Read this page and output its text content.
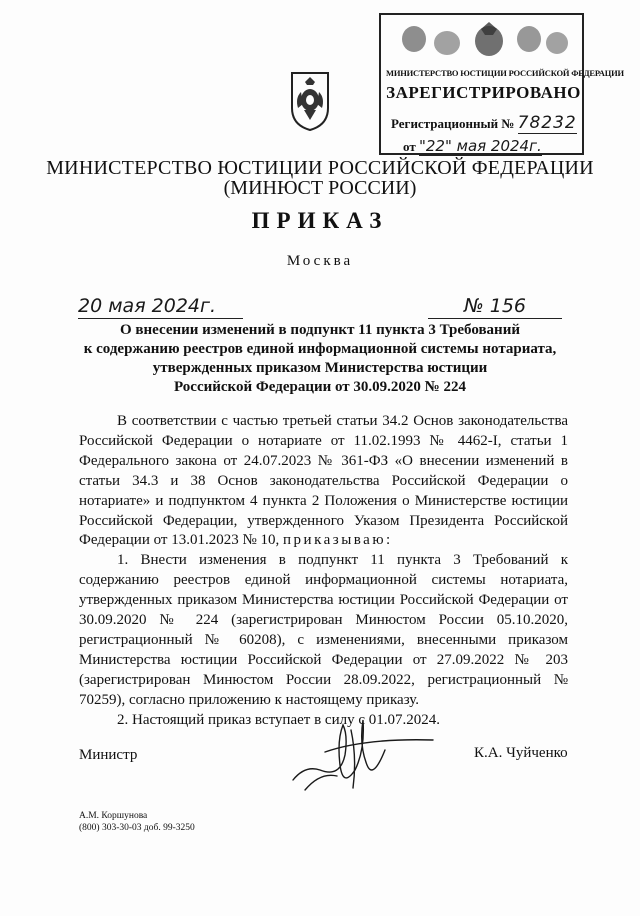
МИНИСТЕРСТВО ЮСТИЦИИ РОССИЙСКОЙ ФЕДЕРАЦИИ
ЗАРЕГИСТРИРОВАНО
Регистрационный № 78232
от "22" мая 2024г.
МИНИСТЕРСТВО ЮСТИЦИИ РОССИЙСКОЙ ФЕДЕРАЦИИ
(МИНЮСТ РОССИИ)
ПРИКАЗ
Москва
20 мая 2024г.	№ 156
О внесении изменений в подпункт 11 пункта 3 Требований
к содержанию реестров единой информационной системы нотариата,
утвержденных приказом Министерства юстиции
Российской Федерации от 30.09.2020 № 224

В соответствии с частью третьей статьи 34.2 Основ законодательства Российской Федерации о нотариате от 11.02.1993 № 4462-I, статьи 1 Федерального закона от 24.07.2023 № 361-ФЗ «О внесении изменений в статьи 34.3 и 38 Основ законодательства Российской Федерации о нотариате» и подпунктом 4 пункта 2 Положения о Министерстве юстиции Российской Федерации, утвержденного Указом Президента Российской Федерации от 13.01.2023 № 10, приказываю:

1. Внести изменения в подпункт 11 пункта 3 Требований к содержанию реестров единой информационной системы нотариата, утвержденных приказом Министерства юстиции Российской Федерации от 30.09.2020 № 224 (зарегистрирован Минюстом России 05.10.2020, регистрационный № 60208), с изменениями, внесенными приказом Министерства юстиции Российской Федерации от 27.09.2022 № 203 (зарегистрирован Минюстом России 28.09.2022, регистрационный № 70259), согласно приложению к настоящему приказу.

2. Настоящий приказ вступает в силу с 01.07.2024.

Министр	К.А. Чуйченко
А.М. Коршунова
(800) 303-30-03 доб. 99-3250
